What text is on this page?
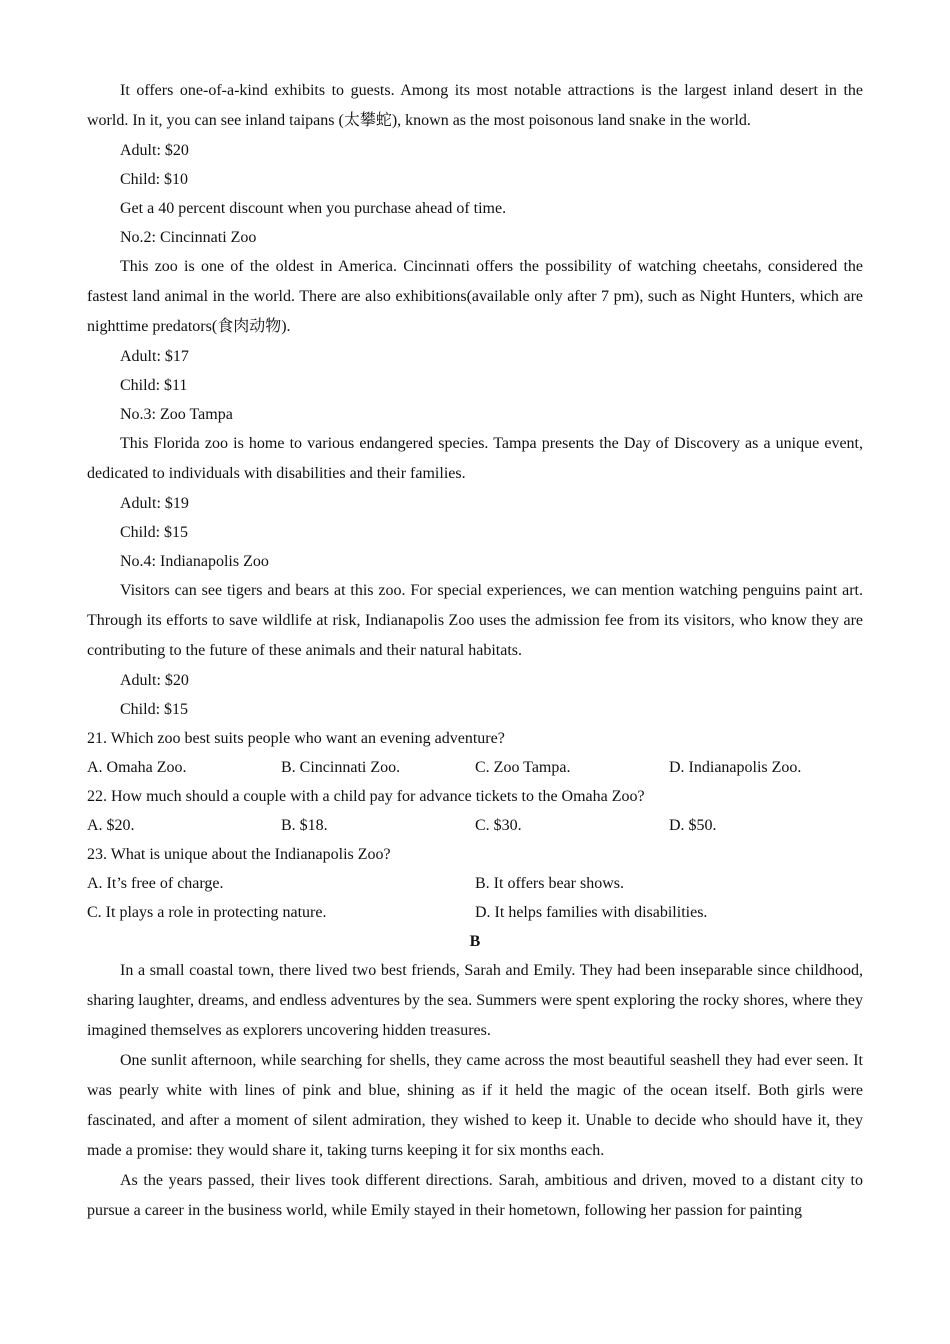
It offers one-of-a-kind exhibits to guests. Among its most notable attractions is the largest inland desert in the world. In it, you can see inland taipans (太攀蛇), known as the most poisonous land snake in the world.

Adult: $20

Child: $10

Get a 40 percent discount when you purchase ahead of time.

No.2: Cincinnati Zoo

This zoo is one of the oldest in America. Cincinnati offers the possibility of watching cheetahs, considered the fastest land animal in the world. There are also exhibitions(available only after 7 pm), such as Night Hunters, which are nighttime predators(食肉动物).

Adult: $17

Child: $11

No.3: Zoo Tampa

This Florida zoo is home to various endangered species. Tampa presents the Day of Discovery as a unique event, dedicated to individuals with disabilities and their families.

Adult: $19

Child: $15

No.4: Indianapolis Zoo

Visitors can see tigers and bears at this zoo. For special experiences, we can mention watching penguins paint art. Through its efforts to save wildlife at risk, Indianapolis Zoo uses the admission fee from its visitors, who know they are contributing to the future of these animals and their natural habitats.

Adult: $20

Child: $15

21. Which zoo best suits people who want an evening adventure?

A. Omaha Zoo.	B. Cincinnati Zoo.	C. Zoo Tampa.	D. Indianapolis Zoo.

22. How much should a couple with a child pay for advance tickets to the Omaha Zoo?

A. $20.	B. $18.	C. $30.	D. $50.

23. What is unique about the Indianapolis Zoo?

A. It’s free of charge.	B. It offers bear shows.
C. It plays a role in protecting nature.	D. It helps families with disabilities.

B

In a small coastal town, there lived two best friends, Sarah and Emily. They had been inseparable since childhood, sharing laughter, dreams, and endless adventures by the sea. Summers were spent exploring the rocky shores, where they imagined themselves as explorers uncovering hidden treasures.

One sunlit afternoon, while searching for shells, they came across the most beautiful seashell they had ever seen. It was pearly white with lines of pink and blue, shining as if it held the magic of the ocean itself. Both girls were fascinated, and after a moment of silent admiration, they wished to keep it. Unable to decide who should have it, they made a promise: they would share it, taking turns keeping it for six months each.

As the years passed, their lives took different directions. Sarah, ambitious and driven, moved to a distant city to pursue a career in the business world, while Emily stayed in their hometown, following her passion for painting
